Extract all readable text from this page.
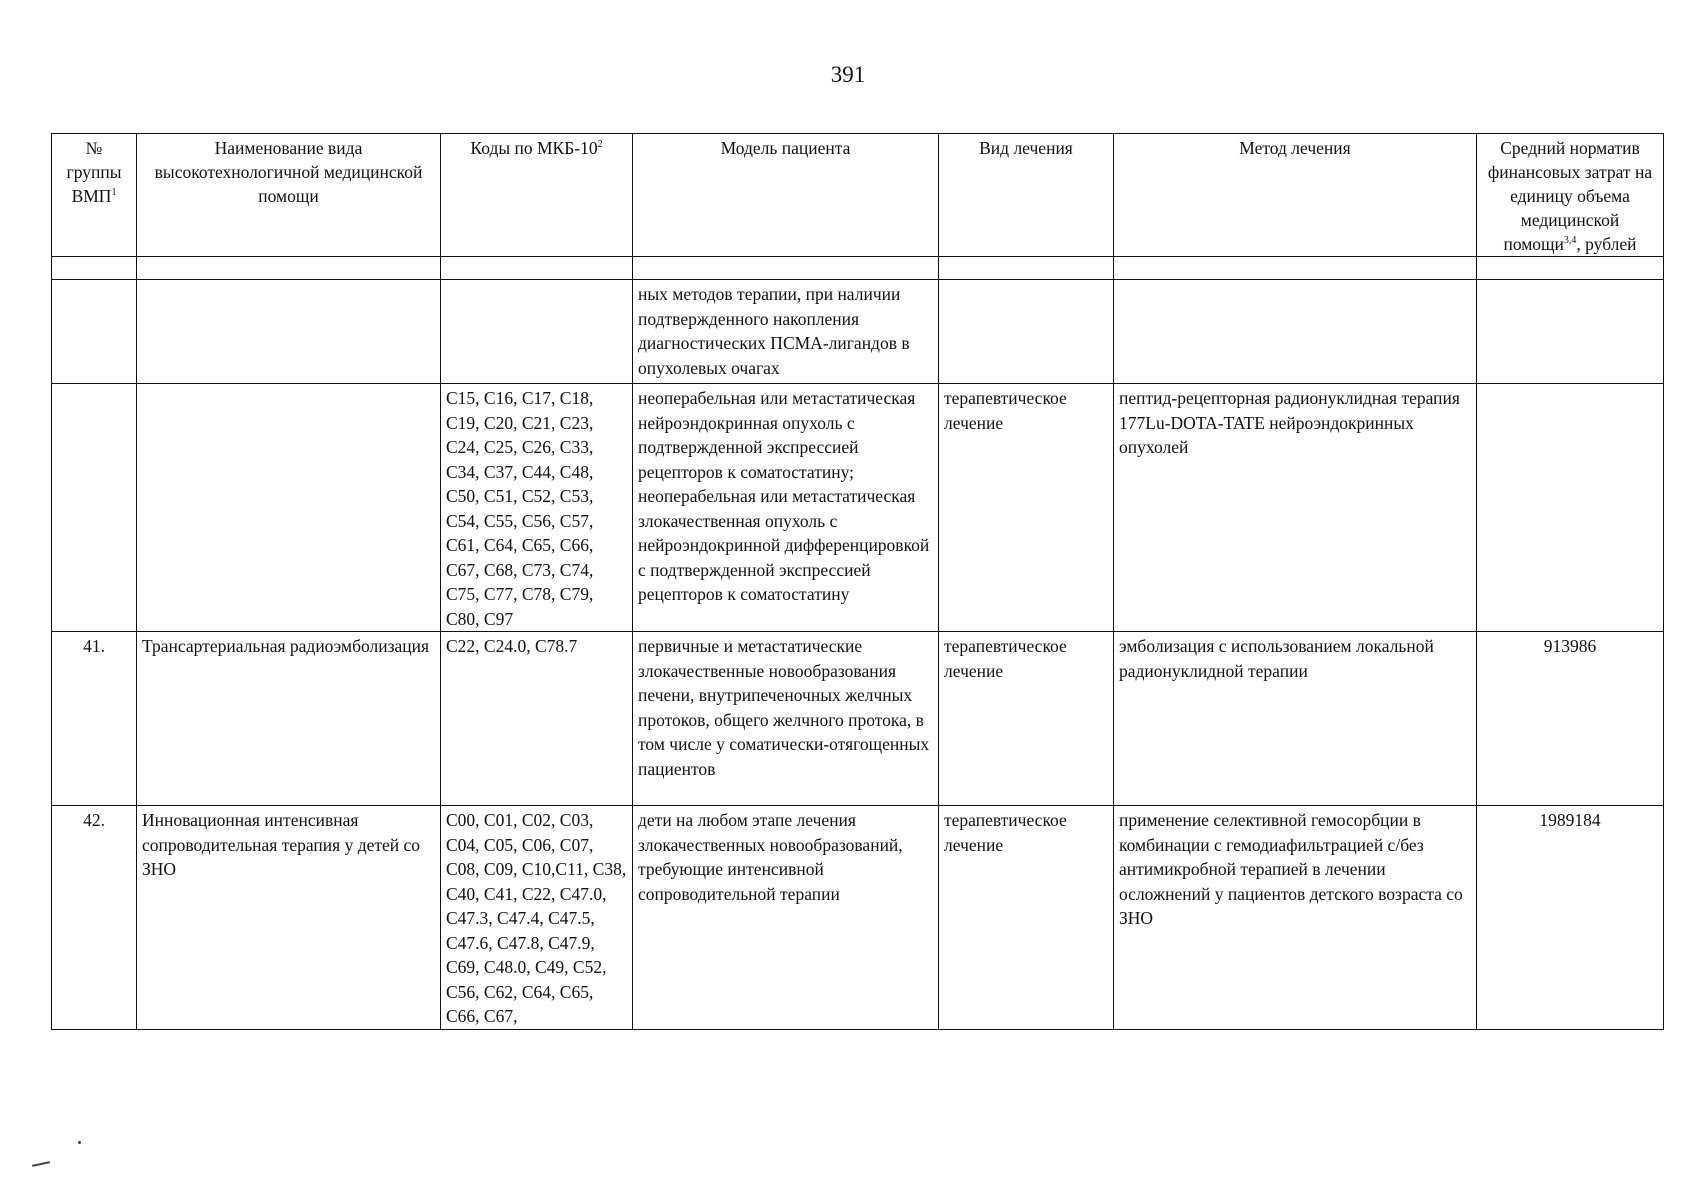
391
№ группы ВМП$^1$	Наименование вида высокотехнологичной медицинской помощи	Коды по МКБ-$10^2$	Модель пациента	Вид лечения	Метод лечения	Средний норматив финансовых затрат на единицу объема медицинской помощи$^{3,4}$, рублей

			ных методов терапии, при наличии подтвержденного накопления диагностических ПСМА-лигандов в опухолевых очагах			
		C15, C16, C17, C18, C19, C20, C21, C23, C24, C25, C26, C33, C34, C37, C44, C48, C50, C51, C52, C53, C54, C55, C56, C57, C61, C64, C65, C66, C67, C68, C73, C74, C75, C77, C78, C79, C80, C97	неоперабельная или метастатическая нейроэндокринная опухоль с подтвержденной экспрессией рецепторов к соматостатину; неоперабельная или метастатическая злокачественная опухоль с нейроэндокринной дифференцировкой с подтвержденной экспрессией рецепторов к соматостатину	терапевтическое лечение	пептид-рецепторная радионуклидная терапия 177Lu-DOTA-TATE нейроэндокринных опухолей	
41.	Трансартериальная радиоэмболизация	C22, C24.0, C78.7	первичные и метастатические злокачественные новообразования печени, внутрипеченочных желчных протоков, общего желчного протока, в том числе у соматически-отягощенных пациентов	терапевтическое лечение	эмболизация с использованием локальной радионуклидной терапии	913986
42.	Инновационная интенсивная сопроводительная терапия у детей со ЗНО	C00, C01, C02, C03, C04, C05, C06, C07, C08, C09, C10,C11, C38, C40, C41, C22, C47.0, C47.3, C47.4, C47.5, C47.6, C47.8, C47.9, C69, C48.0, C49, C52, C56, C62, C64, C65, C66, C67,	дети на любом этапе лечения злокачественных новообразований, требующие интенсивной сопроводительной терапии	терапевтическое лечение	применение селективной гемосорбции в комбинации с гемодиафильтрацией с/без антимикробной терапией в лечении осложнений у пациентов детского возраста со ЗНО	1989184
